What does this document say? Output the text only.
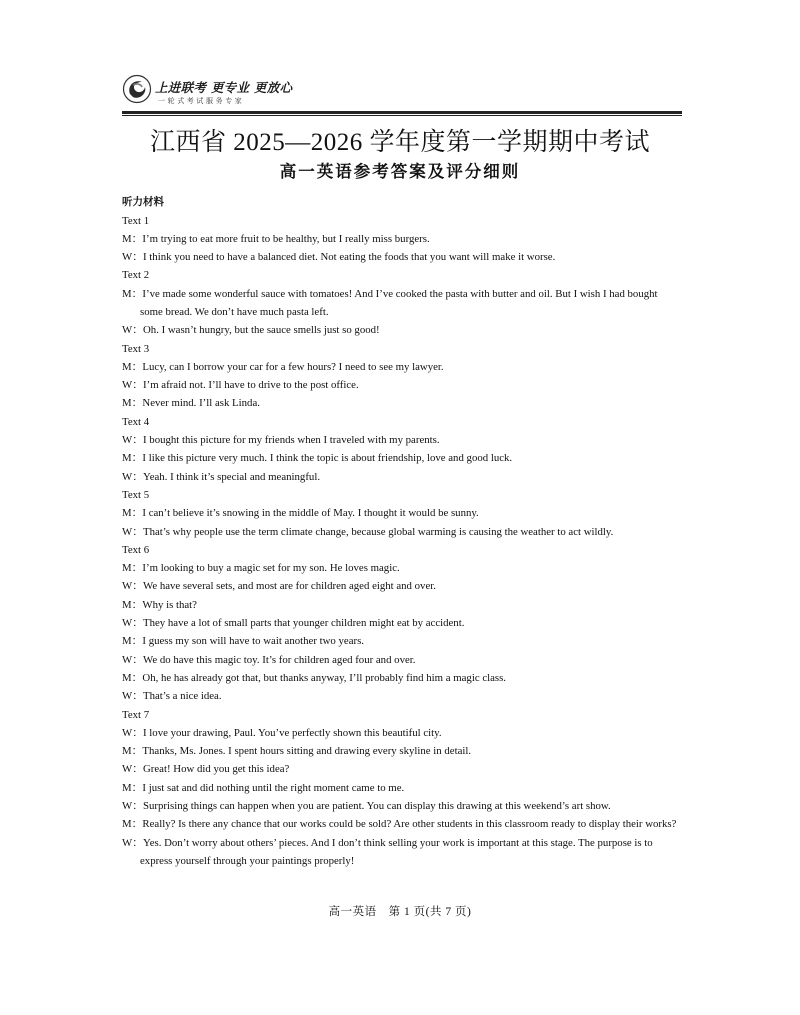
上进联考 更专业 更放心
一轮式考试服务专家
江西省 2025—2026 学年度第一学期期中考试
高一英语参考答案及评分细则
听力材料
Text 1
M：I’m trying to eat more fruit to be healthy, but I really miss burgers.
W：I think you need to have a balanced diet. Not eating the foods that you want will make it worse.
Text 2
M：I’ve made some wonderful sauce with tomatoes! And I’ve cooked the pasta with butter and oil. But I wish I had bought some bread. We don’t have much pasta left.
W：Oh. I wasn’t hungry, but the sauce smells just so good!
Text 3
M：Lucy, can I borrow your car for a few hours? I need to see my lawyer.
W：I’m afraid not. I’ll have to drive to the post office.
M：Never mind. I’ll ask Linda.
Text 4
W：I bought this picture for my friends when I traveled with my parents.
M：I like this picture very much. I think the topic is about friendship, love and good luck.
W：Yeah. I think it’s special and meaningful.
Text 5
M：I can’t believe it’s snowing in the middle of May. I thought it would be sunny.
W：That’s why people use the term climate change, because global warming is causing the weather to act wildly.
Text 6
M：I’m looking to buy a magic set for my son. He loves magic.
W：We have several sets, and most are for children aged eight and over.
M：Why is that?
W：They have a lot of small parts that younger children might eat by accident.
M：I guess my son will have to wait another two years.
W：We do have this magic toy. It’s for children aged four and over.
M：Oh, he has already got that, but thanks anyway, I’ll probably find him a magic class.
W：That’s a nice idea.
Text 7
W：I love your drawing, Paul. You’ve perfectly shown this beautiful city.
M：Thanks, Ms. Jones. I spent hours sitting and drawing every skyline in detail.
W：Great! How did you get this idea?
M：I just sat and did nothing until the right moment came to me.
W：Surprising things can happen when you are patient. You can display this drawing at this weekend’s art show.
M：Really? Is there any chance that our works could be sold? Are other students in this classroom ready to display their works?
W：Yes. Don’t worry about others’ pieces. And I don’t think selling your work is important at this stage. The purpose is to express yourself through your paintings properly!
高一英语　第 1 页(共 7 页)
